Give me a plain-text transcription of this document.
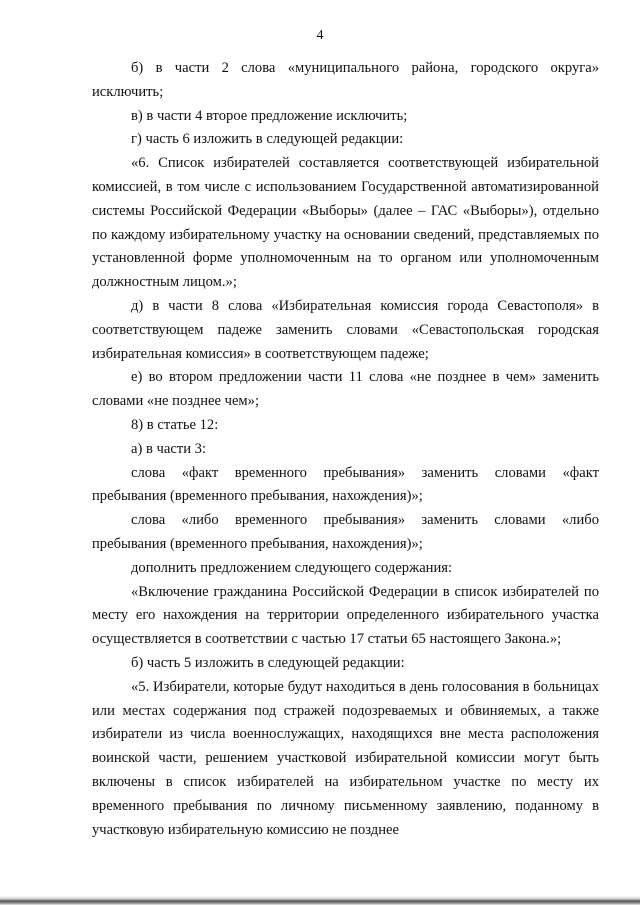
4

б) в части 2 слова «муниципального района, городского округа» исключить;

в) в части 4 второе предложение исключить;

г) часть 6 изложить в следующей редакции:

«6. Список избирателей составляется соответствующей избирательной комиссией, в том числе с использованием Государственной автоматизированной системы Российской Федерации «Выборы» (далее – ГАС «Выборы»), отдельно по каждому избирательному участку на основании сведений, представляемых по установленной форме уполномоченным на то органом или уполномоченным должностным лицом.»;

д) в части 8 слова «Избирательная комиссия города Севастополя» в соответствующем падеже заменить словами «Севастопольская городская избирательная комиссия» в соответствующем падеже;

е) во втором предложении части 11 слова «не позднее в чем» заменить словами «не позднее чем»;

8) в статье 12:

а) в части 3:

слова «факт временного пребывания» заменить словами «факт пребывания (временного пребывания, нахождения)»;

слова «либо временного пребывания» заменить словами «либо пребывания (временного пребывания, нахождения)»;

дополнить предложением следующего содержания:

«Включение гражданина Российской Федерации в список избирателей по месту его нахождения на территории определенного избирательного участка осуществляется в соответствии с частью 17 статьи 65 настоящего Закона.»;

б) часть 5 изложить в следующей редакции:

«5. Избиратели, которые будут находиться в день голосования в больницах или местах содержания под стражей подозреваемых и обвиняемых, а также избиратели из числа военнослужащих, находящихся вне места расположения воинской части, решением участковой избирательной комиссии могут быть включены в список избирателей на избирательном участке по месту их временного пребывания по личному письменному заявлению, поданному в участковую избирательную комиссию не позднее
